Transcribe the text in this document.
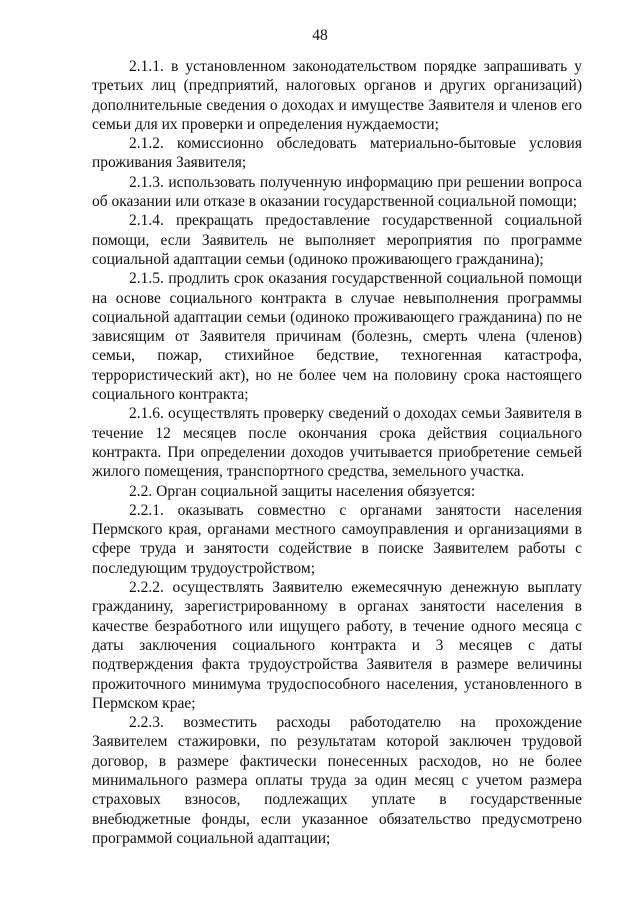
48

2.1.1. в установленном законодательством порядке запрашивать у третьих лиц (предприятий, налоговых органов и других организаций) дополнительные сведения о доходах и имуществе Заявителя и членов его семьи для их проверки и определения нуждаемости;

2.1.2. комиссионно обследовать материально-бытовые условия проживания Заявителя;

2.1.3. использовать полученную информацию при решении вопроса об оказании или отказе в оказании государственной социальной помощи;

2.1.4. прекращать предоставление государственной социальной помощи, если Заявитель не выполняет мероприятия по программе социальной адаптации семьи (одиноко проживающего гражданина);

2.1.5. продлить срок оказания государственной социальной помощи на основе социального контракта в случае невыполнения программы социальной адаптации семьи (одиноко проживающего гражданина) по не зависящим от Заявителя причинам (болезнь, смерть члена (членов) семьи, пожар, стихийное бедствие, техногенная катастрофа, террористический акт), но не более чем на половину срока настоящего социального контракта;

2.1.6. осуществлять проверку сведений о доходах семьи Заявителя в течение 12 месяцев после окончания срока действия социального контракта. При определении доходов учитывается приобретение семьей жилого помещения, транспортного средства, земельного участка.

2.2. Орган социальной защиты населения обязуется:

2.2.1. оказывать совместно с органами занятости населения Пермского края, органами местного самоуправления и организациями в сфере труда и занятости содействие в поиске Заявителем работы с последующим трудоустройством;

2.2.2. осуществлять Заявителю ежемесячную денежную выплату гражданину, зарегистрированному в органах занятости населения в качестве безработного или ищущего работу, в течение одного месяца с даты заключения социального контракта и 3 месяцев с даты подтверждения факта трудоустройства Заявителя в размере величины прожиточного минимума трудоспособного населения, установленного в Пермском крае;

2.2.3. возместить расходы работодателю на прохождение Заявителем стажировки, по результатам которой заключен трудовой договор, в размере фактически понесенных расходов, но не более минимального размера оплаты труда за один месяц с учетом размера страховых взносов, подлежащих уплате в государственные внебюджетные фонды, если указанное обязательство предусмотрено программой социальной адаптации;
